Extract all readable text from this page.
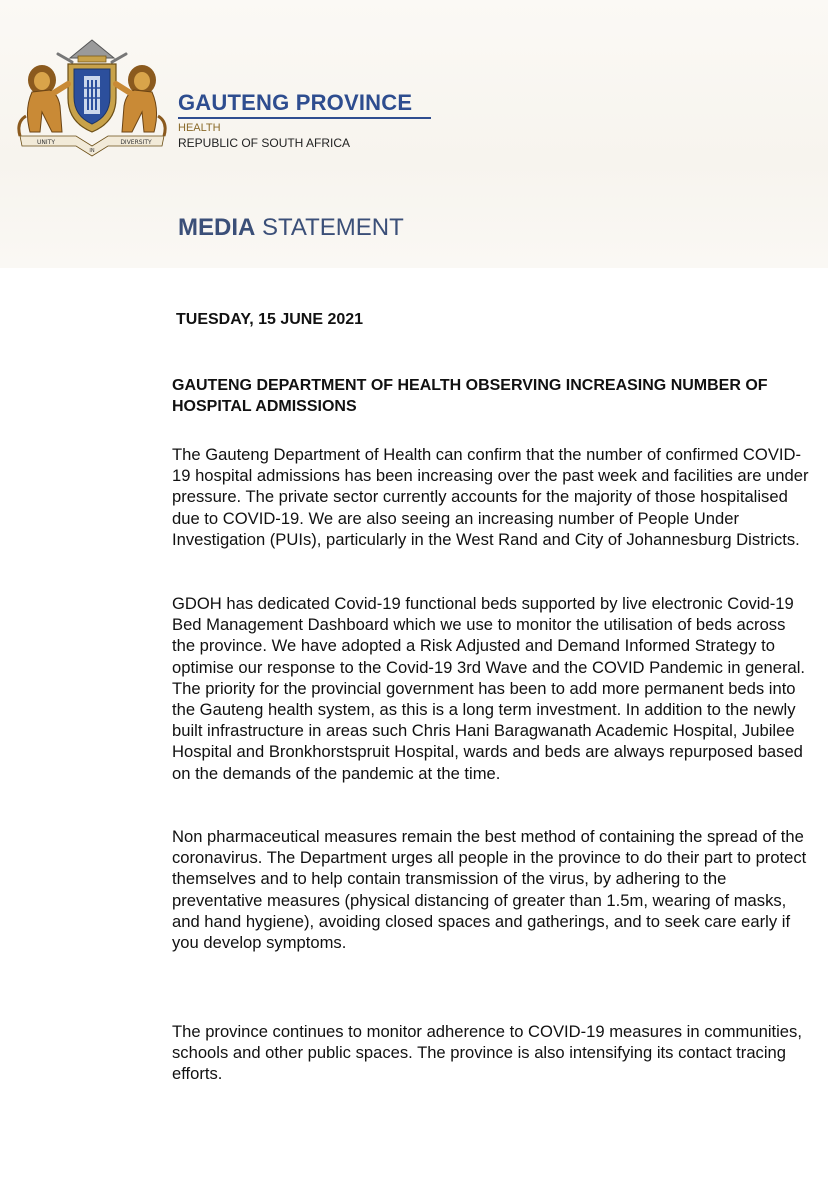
UNITY
IN
DIVERSITY
GAUTENG PROVINCE
HEALTH
REPUBLIC OF SOUTH AFRICA
MEDIA STATEMENT
TUESDAY, 15 JUNE 2021
GAUTENG DEPARTMENT OF HEALTH OBSERVING INCREASING NUMBER OF HOSPITAL ADMISSIONS

The Gauteng Department of Health can confirm that the number of confirmed COVID-19 hospital admissions has been increasing over the past week and facilities are under pressure. The private sector currently accounts for the majority of those hospitalised due to COVID-19. We are also seeing an increasing number of People Under Investigation (PUIs), particularly in the West Rand and City of Johannesburg Districts.

GDOH has dedicated Covid-19 functional beds supported by live electronic Covid-19 Bed Management Dashboard which we use to monitor the utilisation of beds across the province. We have adopted a Risk Adjusted and Demand Informed Strategy to optimise our response to the Covid-19 3rd Wave and the COVID Pandemic in general. The priority for the provincial government has been to add more permanent beds into the Gauteng health system, as this is a long term investment. In addition to the newly built infrastructure in areas such Chris Hani Baragwanath Academic Hospital, Jubilee Hospital and Bronkhorstspruit Hospital, wards and beds are always repurposed based on the demands of the pandemic at the time.

Non pharmaceutical measures remain the best method of containing the spread of the coronavirus. The Department urges all people in the province to do their part to protect themselves and to help contain transmission of the virus, by adhering to the preventative measures (physical distancing of greater than 1.5m, wearing of masks, and hand hygiene), avoiding closed spaces and gatherings, and to seek care early if you develop symptoms.

The province continues to monitor adherence to COVID-19 measures in communities, schools and other public spaces. The province is also intensifying its contact tracing efforts.
